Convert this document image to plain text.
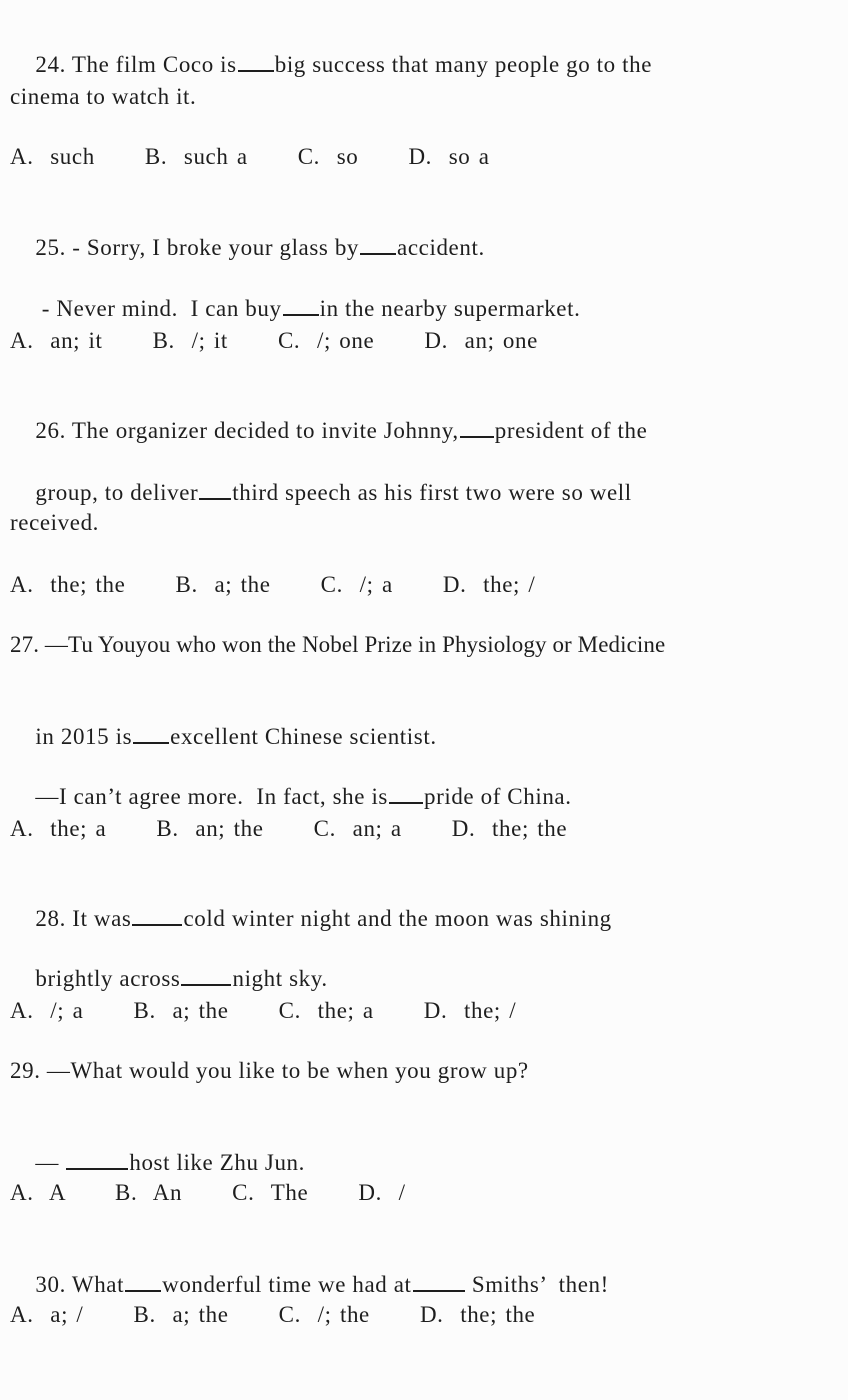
24. The film Coco is big success that many people go to the

cinema to watch it.
A.  such      B.  such a      C.  so      D.  so a

25. - Sorry, I broke your glass by accident.

- Never mind.  I can buy in the nearby supermarket.

A.  an; it      B.  /; it      C.  /; one      D.  an; one

26. The organizer decided to invite Johnny, president of the

group, to deliver third speech as his first two were so well

received.
A.  the; the      B.  a; the      C.  /; a      D.  the; /
27. —Tu Youyou who won the Nobel Prize in Physiology or Medicine

in 2015 is excellent Chinese scientist.

—I can’t agree more.  In fact, she is pride of China.

A.  the; a      B.  an; the      C.  an; a      D.  the; the

28. It was cold winter night and the moon was shining

brightly across night sky.

A.  /; a      B.  a; the      C.  the; a      D.  the; /
29. —What would you like to be when you grow up?

—	host like Zhu Jun.

A.  A      B.  An      C.  The      D.  /

30. What wonderful time we had at Smiths’  then!

A.  a; /      B.  a; the      C.  /; the      D.  the; the
